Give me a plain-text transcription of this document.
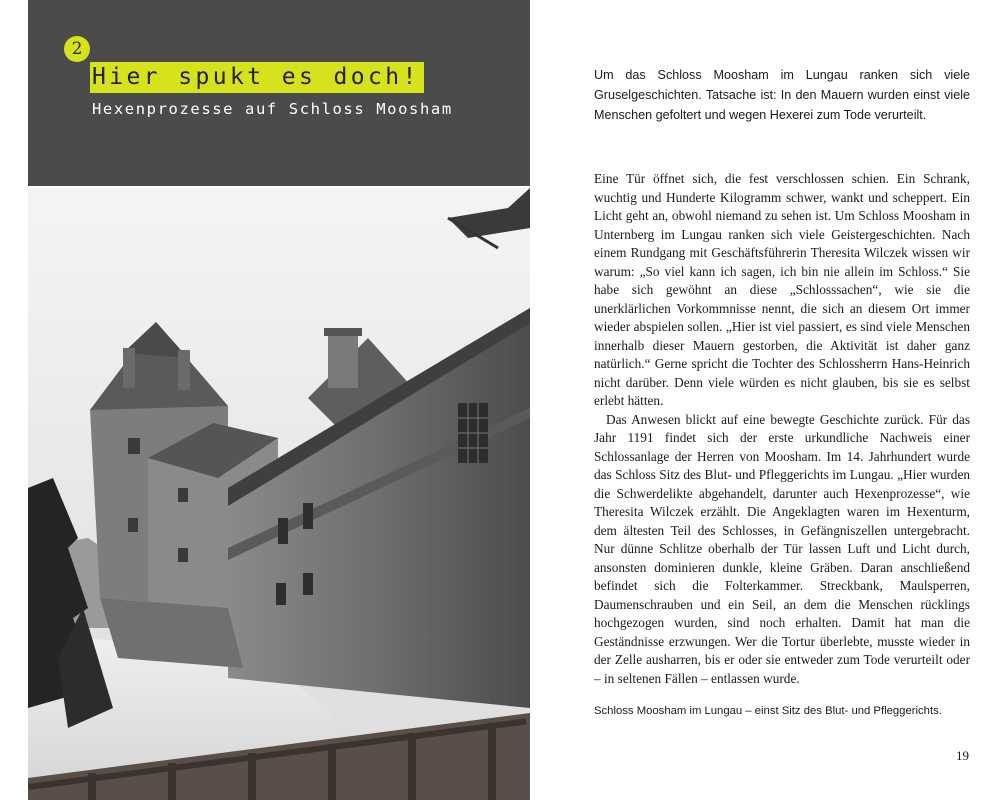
2
Hier spukt es doch!
Hexenprozesse auf Schloss Moosham

Um das Schloss Moosham im Lungau ranken sich viele Gruselgeschichten. Tatsache ist: In den Mauern wurden einst viele Menschen gefoltert und wegen Hexerei zum Tode verurteilt.

Eine Tür öffnet sich, die fest verschlossen schien. Ein Schrank, wuchtig und Hunderte Kilogramm schwer, wankt und scheppert. Ein Licht geht an, obwohl niemand zu sehen ist. Um Schloss Moosham in Unternberg im Lungau ranken sich viele Geistergeschichten. Nach einem Rundgang mit Geschäftsführerin Theresita Wilczek wissen wir warum: „So viel kann ich sagen, ich bin nie allein im Schloss.“ Sie habe sich gewöhnt an diese „Schlosssachen“, wie sie die unerklärlichen Vorkommnisse nennt, die sich an diesem Ort immer wieder abspielen sollen. „Hier ist viel passiert, es sind viele Menschen innerhalb dieser Mauern gestorben, die Aktivität ist daher ganz natürlich.“ Gerne spricht die Tochter des Schlossherrn Hans-Heinrich nicht darüber. Denn viele würden es nicht glauben, bis sie es selbst erlebt hätten.

Das Anwesen blickt auf eine bewegte Geschichte zurück. Für das Jahr 1191 findet sich der erste urkundliche Nachweis einer Schlossanlage der Herren von Moosham. Im 14. Jahrhundert wurde das Schloss Sitz des Blut- und Pfleggerichts im Lungau. „Hier wurden die Schwerdelikte abgehandelt, darunter auch Hexenprozesse“, wie Theresita Wilczek erzählt. Die Angeklagten waren im Hexenturm, dem ältesten Teil des Schlosses, in Gefängniszellen untergebracht. Nur dünne Schlitze oberhalb der Tür lassen Luft und Licht durch, ansonsten dominieren dunkle, kleine Gräben. Daran anschließend befindet sich die Folterkammer. Streckbank, Maulsperren, Daumenschrauben und ein Seil, an dem die Menschen rücklings hochgezogen wurden, sind noch erhalten. Damit hat man die Geständnisse erzwungen. Wer die Tortur überlebte, musste wieder in der Zelle ausharren, bis er oder sie entweder zum Tode verurteilt oder – in seltenen Fällen – entlassen wurde.

Schloss Moosham im Lungau – einst Sitz des Blut- und Pfleggerichts.
19
